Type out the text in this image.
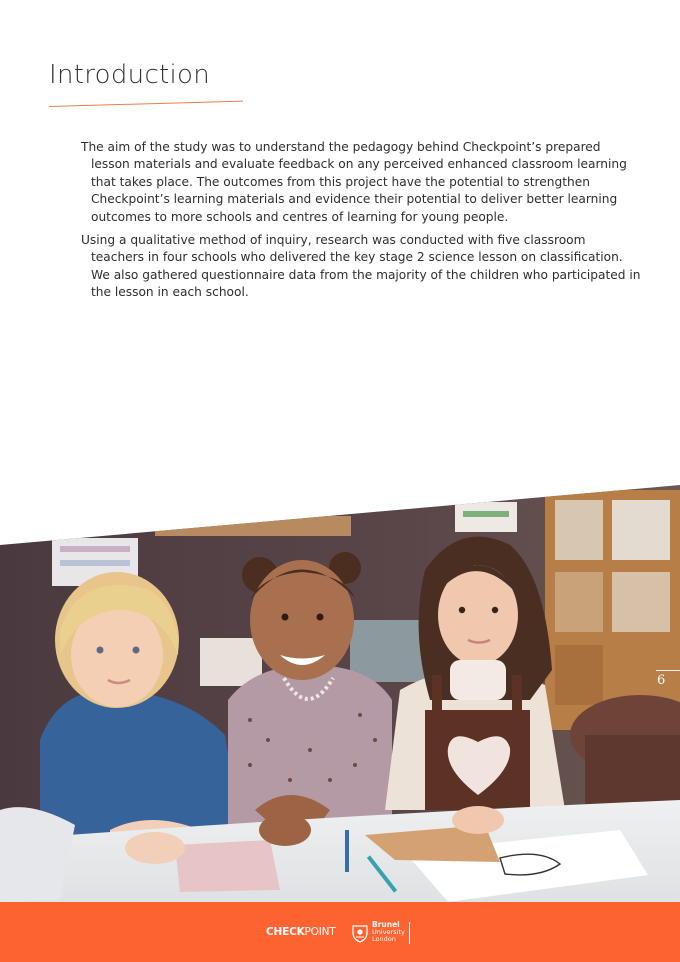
Introduction

The aim of the study was to understand the pedagogy behind Checkpoint’s prepared lesson materials and evaluate feedback on any perceived enhanced classroom learning that takes place. The outcomes from this project have the potential to strengthen Checkpoint’s learning materials and evidence their potential to deliver better learning outcomes to more schools and centres of learning for young people.

Using a qualitative method of inquiry, research was conducted with five classroom teachers in four schools who delivered the key stage 2 science lesson on classification. We also gathered questionnaire data from the majority of the children who participated in the lesson in each school.

6
CHECKPOINT
Brunel
University
London
